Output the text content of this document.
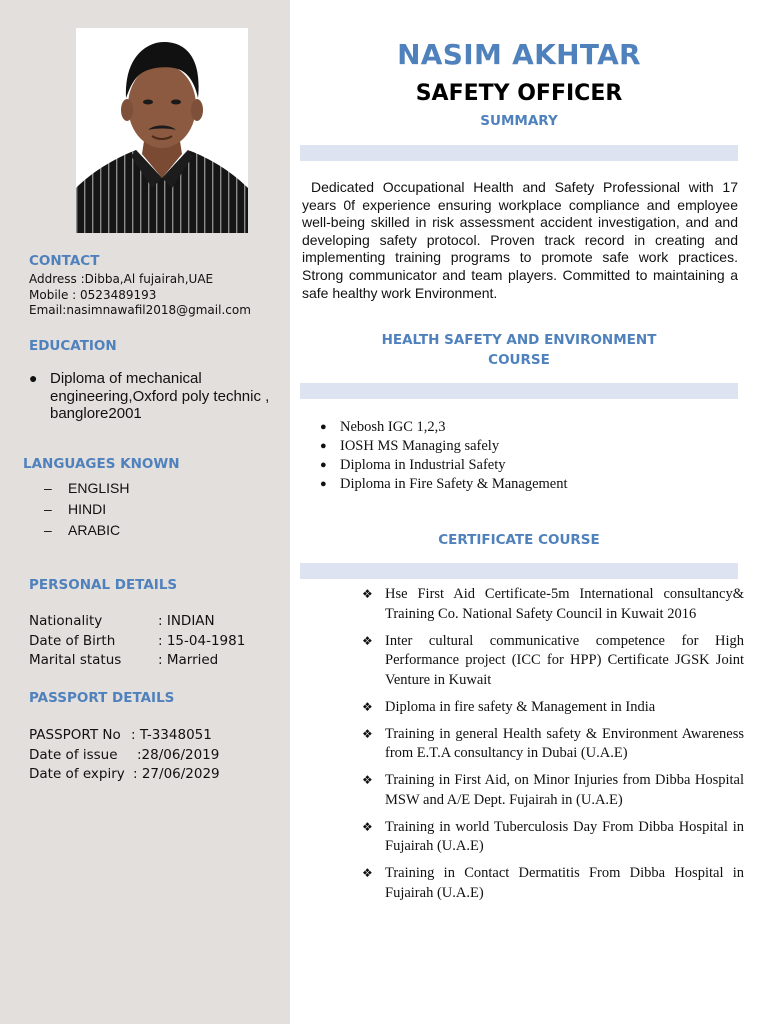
CONTACT
Address :Dibba,Al fujairah,UAE
Mobile : 0523489193
Email:nasimnawafil2018@gmail.com
EDUCATION
● Diploma of mechanical engineering,Oxford poly technic , banglore2001
LANGUAGES KNOWN
– ENGLISH
– HINDI
– ARABIC
PERSONAL DETAILS
Nationality	: INDIAN
Date of Birth	: 15-04-1981
Marital status	: Married
PASSPORT DETAILS
PASSPORT No : T-3348051
Date of issue :28/06/2019
Date of expiry : 27/06/2029
NASIM AKHTAR
SAFETY OFFICER
SUMMARY
Dedicated Occupational Health and Safety Professional with 17 years 0f experience ensuring workplace compliance and employee well-being skilled in risk assessment accident investigation, and and developing safety protocol. Proven track record in creating and implementing training programs to promote safe work practices. Strong communicator and team players. Committed to maintaining a safe healthy work Environment.
HEALTH SAFETY AND ENVIRONMENT
COURSE
● Nebosh IGC 1,2,3
● IOSH MS Managing safely
● Diploma in Industrial Safety
● Diploma in Fire Safety & Management
CERTIFICATE COURSE
❖ Hse First Aid Certificate-5m International consultancy& Training Co. National Safety Council in Kuwait 2016
❖ Inter cultural communicative competence for High Performance project (ICC for HPP) Certificate JGSK Joint Venture in Kuwait
❖ Diploma in fire safety & Management in India
❖ Training in general Health safety & Environment Awareness from E.T.A consultancy in Dubai (U.A.E)
❖ Training in First Aid, on Minor Injuries from Dibba Hospital MSW and A/E Dept. Fujairah in (U.A.E)
❖ Training in world Tuberculosis Day From Dibba Hospital in Fujairah (U.A.E)
❖ Training in Contact Dermatitis From Dibba Hospital in Fujairah (U.A.E)
